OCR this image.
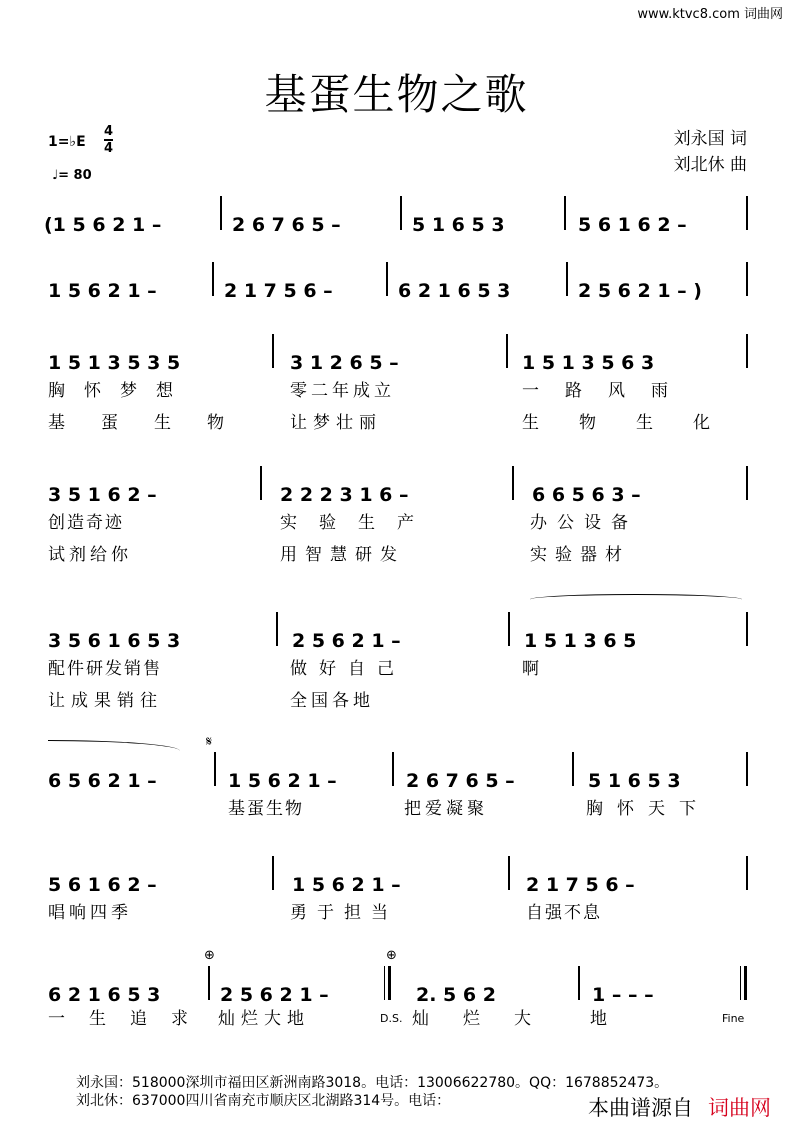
www.ktvc8.com 词曲网
基蛋生物之歌
1=♭E
4
4
♩= 80
刘永国 词
刘北休 曲
(1 5 6 2 1 –	2 6 7 6 5 –	5 1 6 5 3	5 6 1 6 2 –
1 5 6 2 1 –	2 1 7 5 6 –	6 2 1 6 5 3	2 5 6 2 1 – )
1 5 1 3 5 3 5	3 1 2 6 5 –	1 5 1 3 5 6 3
胸怀梦想	零二年成立	一路风雨
基蛋生物 让梦壮丽	生物生化
3 5 1 6 2 –	2 2 2 3 1 6 –	6 6 5 6 3 –
创造奇迹	实验生产	办公设备
试剂给你	用智慧研发	实验器材
3 5 6 1 6 5 3	2 5 6 2 1 –	1 5 1 3 6 5
配件研发销售	做好自己	啊
让成果销往	全国各地
𝄋
6 5 6 2 1 –	1 5 6 2 1 –	2 6 7 6 5 –	5 1 6 5 3
基蛋生物	把爱凝聚	胸怀天下
5 6 1 6 2 –	1 5 6 2 1 –	2 1 7 5 6 –
唱响四季	勇于担当	自强不息
⊕	⊕
6 2 1 6 5 3	2 5 6 2 1 –	2. 5 6 2	1 – – –
一生追求 灿烂大地	D.S. 灿烂大 地	Fine
刘永国：518000深圳市福田区新洲南路3018。电话：13006622780。QQ：1678852473。
刘北休：637000四川省南充市顺庆区北湖路314号。电话：	本曲谱源自 词曲网
